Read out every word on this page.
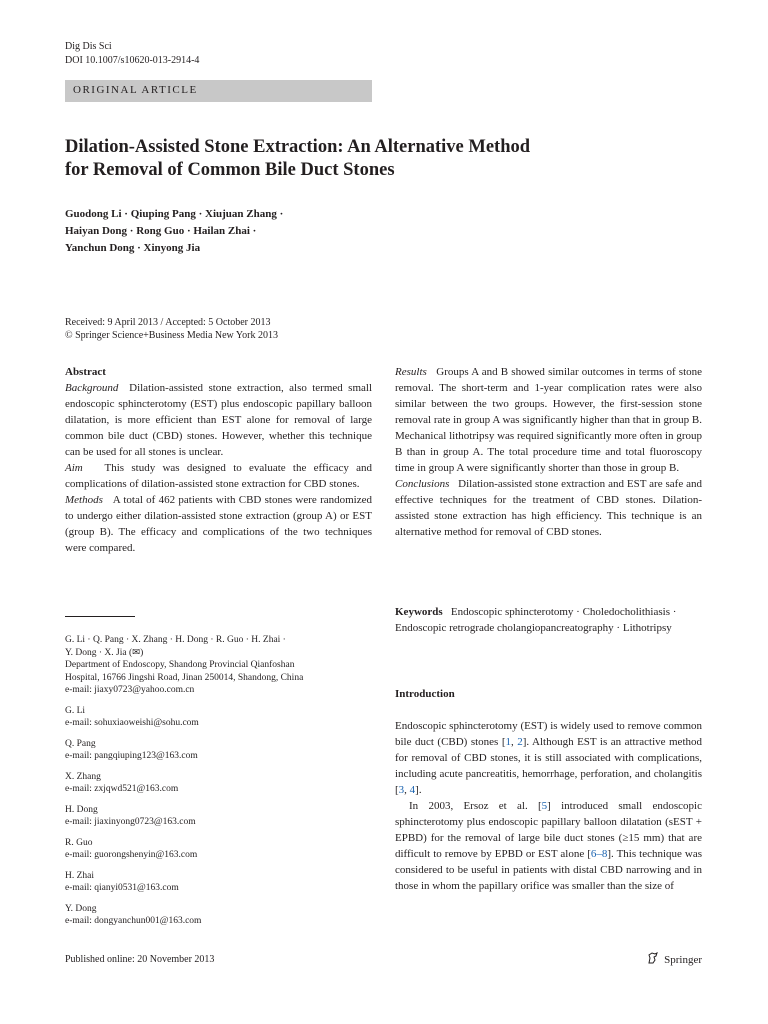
Dig Dis Sci
DOI 10.1007/s10620-013-2914-4
ORIGINAL ARTICLE
Dilation-Assisted Stone Extraction: An Alternative Method
for Removal of Common Bile Duct Stones
Guodong Li · Qiuping Pang · Xiujuan Zhang ·
Haiyan Dong · Rong Guo · Hailan Zhai ·
Yanchun Dong · Xinyong Jia
Received: 9 April 2013 / Accepted: 5 October 2013
© Springer Science+Business Media New York 2013
Abstract

Background Dilation-assisted stone extraction, also termed small endoscopic sphincterotomy (EST) plus endoscopic papillary balloon dilatation, is more efficient than EST alone for removal of large common bile duct (CBD) stones. However, whether this technique can be used for all stones is unclear.

Aim This study was designed to evaluate the efficacy and complications of dilation-assisted stone extraction for CBD stones.

Methods A total of 462 patients with CBD stones were randomized to undergo either dilation-assisted stone extraction (group A) or EST (group B). The efficacy and complications of the two techniques were compared.

G. Li · Q. Pang · X. Zhang · H. Dong · R. Guo · H. Zhai ·
Y. Dong · X. Jia (✉)
Department of Endoscopy, Shandong Provincial Qianfoshan
Hospital, 16766 Jingshi Road, Jinan 250014, Shandong, China
e-mail: jiaxy0723@yahoo.com.cn
G. Li
e-mail: sohuxiaoweishi@sohu.com
Q. Pang
e-mail: pangqiuping123@163.com
X. Zhang
e-mail: zxjqwd521@163.com
H. Dong
e-mail: jiaxinyong0723@163.com
R. Guo
e-mail: guorongshenyin@163.com
H. Zhai
e-mail: qianyi0531@163.com
Y. Dong
e-mail: dongyanchun001@163.com

Results Groups A and B showed similar outcomes in terms of stone removal. The short-term and 1-year complication rates were also similar between the two groups. However, the first-session stone removal rate in group A was significantly higher than that in group B. Mechanical lithotripsy was required significantly more often in group B than in group A. The total procedure time and total fluoroscopy time in group A were significantly shorter than those in group B.

Conclusions Dilation-assisted stone extraction and EST are safe and effective techniques for the treatment of CBD stones. Dilation-assisted stone extraction has high efficiency. This technique is an alternative method for removal of CBD stones.

Keywords Endoscopic sphincterotomy · Choledocholithiasis · Endoscopic retrograde cholangiopancreatography · Lithotripsy
Introduction

Endoscopic sphincterotomy (EST) is widely used to remove common bile duct (CBD) stones [1, 2]. Although EST is an attractive method for removal of CBD stones, it is still associated with complications, including acute pancreatitis, hemorrhage, perforation, and cholangitis [3, 4].

In 2003, Ersoz et al. [5] introduced small endoscopic sphincterotomy plus endoscopic papillary balloon dilatation (sEST + EPBD) for the removal of large bile duct stones (≥15 mm) that are difficult to remove by EPBD or EST alone [6–8]. This technique was considered to be useful in patients with distal CBD narrowing and in those in whom the papillary orifice was smaller than the size of

Published online: 20 November 2013	Springer
